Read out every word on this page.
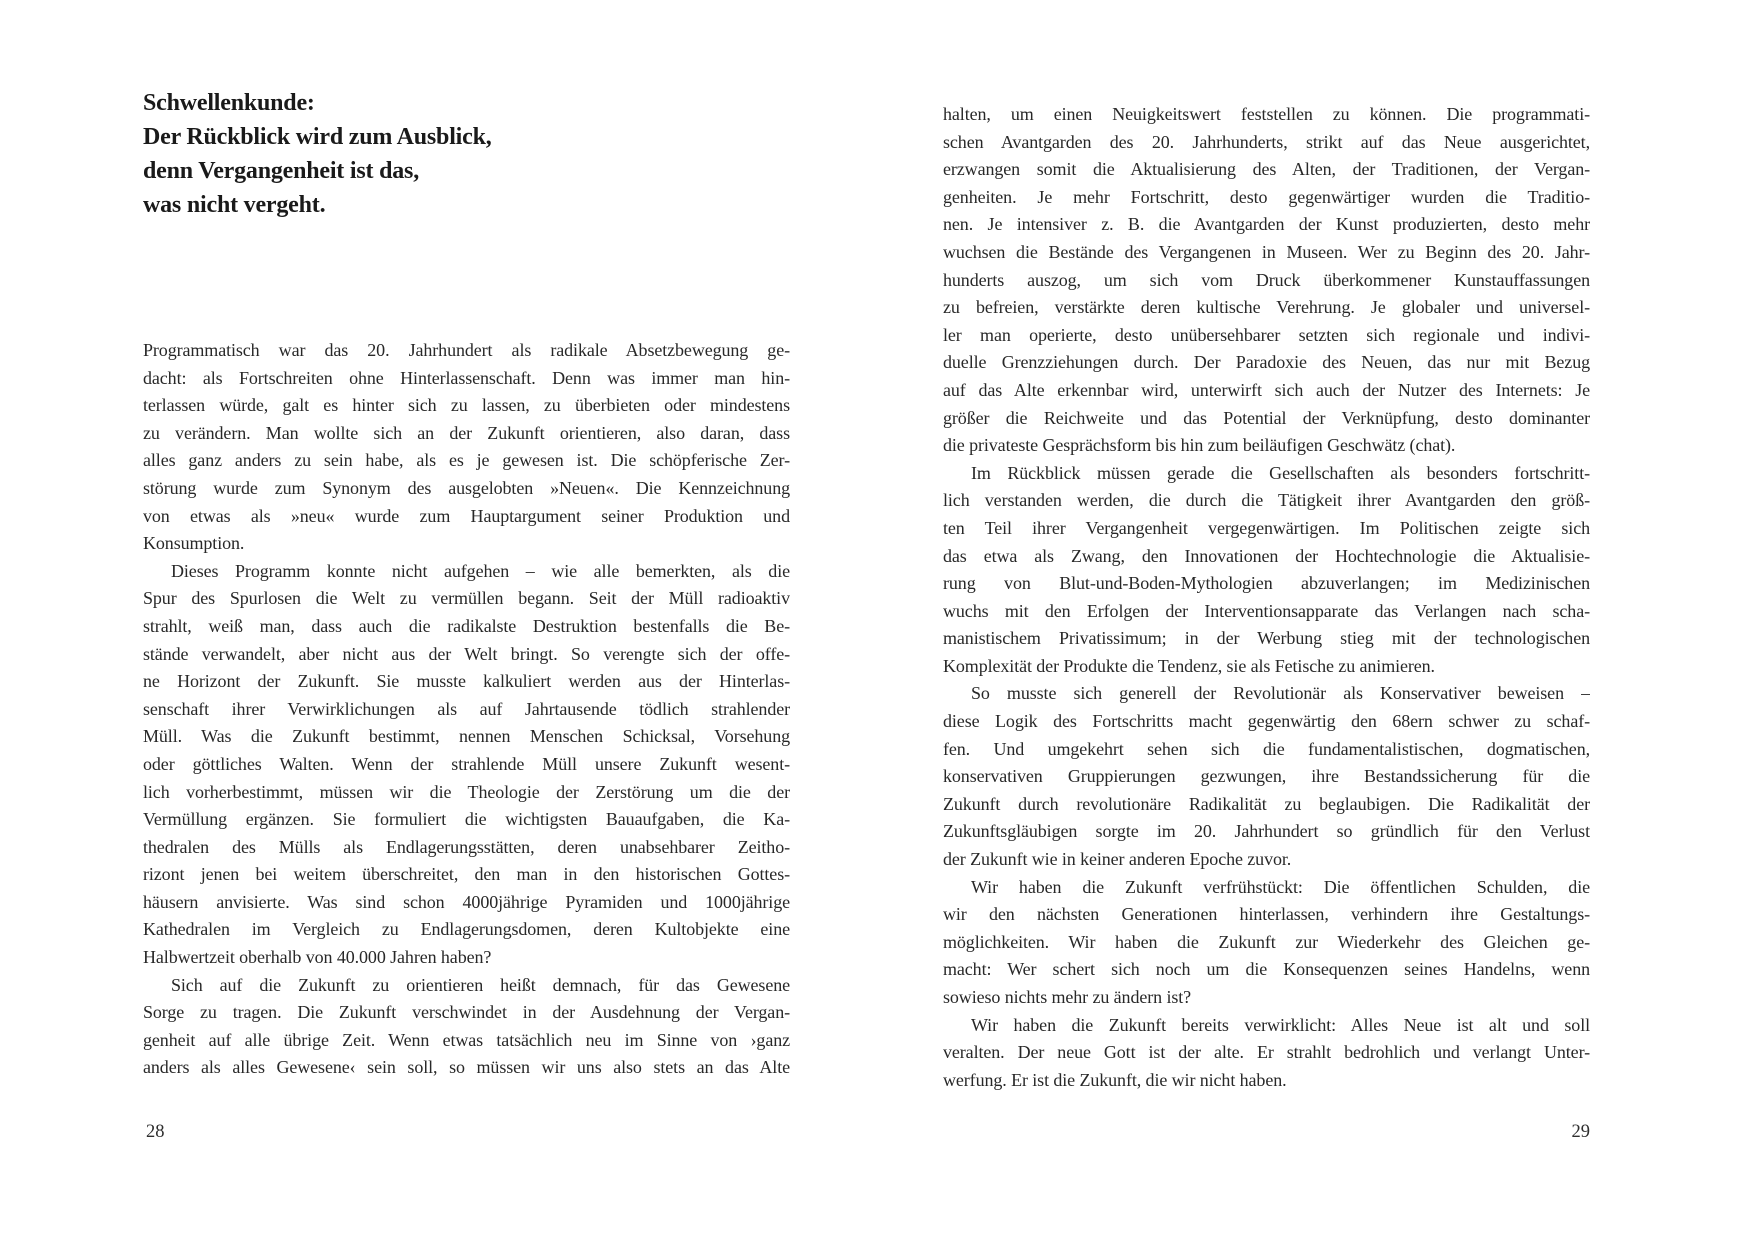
Schwellenkunde:
Der Rückblick wird zum Ausblick,
denn Vergangenheit ist das,
was nicht vergeht.
Programmatisch war das 20. Jahrhundert als radikale Absetzbewegung ge-
dacht: als Fortschreiten ohne Hinterlassenschaft. Denn was immer man hin-
terlassen würde, galt es hinter sich zu lassen, zu überbieten oder mindestens
zu verändern. Man wollte sich an der Zukunft orientieren, also daran, dass
alles ganz anders zu sein habe, als es je gewesen ist. Die schöpferische Zer-
störung wurde zum Synonym des ausgelobten »Neuen«. Die Kennzeichnung
von etwas als »neu« wurde zum Hauptargument seiner Produktion und
Konsumption.
Dieses Programm konnte nicht aufgehen – wie alle bemerkten, als die
Spur des Spurlosen die Welt zu vermüllen begann. Seit der Müll radioaktiv
strahlt, weiß man, dass auch die radikalste Destruktion bestenfalls die Be-
stände verwandelt, aber nicht aus der Welt bringt. So verengte sich der offe-
ne Horizont der Zukunft. Sie musste kalkuliert werden aus der Hinterlas-
senschaft ihrer Verwirklichungen als auf Jahrtausende tödlich strahlender
Müll. Was die Zukunft bestimmt, nennen Menschen Schicksal, Vorsehung
oder göttliches Walten. Wenn der strahlende Müll unsere Zukunft wesent-
lich vorherbestimmt, müssen wir die Theologie der Zerstörung um die der
Vermüllung ergänzen. Sie formuliert die wichtigsten Bauaufgaben, die Ka-
thedralen des Mülls als Endlagerungsstätten, deren unabsehbarer Zeitho-
rizont jenen bei weitem überschreitet, den man in den historischen Gottes-
häusern anvisierte. Was sind schon 4000jährige Pyramiden und 1000jährige
Kathedralen im Vergleich zu Endlagerungsdomen, deren Kultobjekte eine
Halbwertzeit oberhalb von 40.000 Jahren haben?
Sich auf die Zukunft zu orientieren heißt demnach, für das Gewesene
Sorge zu tragen. Die Zukunft verschwindet in der Ausdehnung der Vergan-
genheit auf alle übrige Zeit. Wenn etwas tatsächlich neu im Sinne von ›ganz
anders als alles Gewesene‹ sein soll, so müssen wir uns also stets an das Alte
28
halten, um einen Neuigkeitswert feststellen zu können. Die programmati-
schen Avantgarden des 20. Jahrhunderts, strikt auf das Neue ausgerichtet,
erzwangen somit die Aktualisierung des Alten, der Traditionen, der Vergan-
genheiten. Je mehr Fortschritt, desto gegenwärtiger wurden die Traditio-
nen. Je intensiver z. B. die Avantgarden der Kunst produzierten, desto mehr
wuchsen die Bestände des Vergangenen in Museen. Wer zu Beginn des 20. Jahr-
hunderts auszog, um sich vom Druck überkommener Kunstauffassungen
zu befreien, verstärkte deren kultische Verehrung. Je globaler und universel-
ler man operierte, desto unübersehbarer setzten sich regionale und indivi-
duelle Grenzziehungen durch. Der Paradoxie des Neuen, das nur mit Bezug
auf das Alte erkennbar wird, unterwirft sich auch der Nutzer des Internets: Je
größer die Reichweite und das Potential der Verknüpfung, desto dominanter
die privateste Gesprächsform bis hin zum beiläufigen Geschwätz (chat).
Im Rückblick müssen gerade die Gesellschaften als besonders fortschritt-
lich verstanden werden, die durch die Tätigkeit ihrer Avantgarden den größ-
ten Teil ihrer Vergangenheit vergegenwärtigen. Im Politischen zeigte sich
das etwa als Zwang, den Innovationen der Hochtechnologie die Aktualisie-
rung von Blut-und-Boden-Mythologien abzuverlangen; im Medizinischen
wuchs mit den Erfolgen der Interventionsapparate das Verlangen nach scha-
manistischem Privatissimum; in der Werbung stieg mit der technologischen
Komplexität der Produkte die Tendenz, sie als Fetische zu animieren.
So musste sich generell der Revolutionär als Konservativer beweisen –
diese Logik des Fortschritts macht gegenwärtig den 68ern schwer zu schaf-
fen. Und umgekehrt sehen sich die fundamentalistischen, dogmatischen,
konservativen Gruppierungen gezwungen, ihre Bestandssicherung für die
Zukunft durch revolutionäre Radikalität zu beglaubigen. Die Radikalität der
Zukunftsgläubigen sorgte im 20. Jahrhundert so gründlich für den Verlust
der Zukunft wie in keiner anderen Epoche zuvor.
Wir haben die Zukunft verfrühstückt: Die öffentlichen Schulden, die
wir den nächsten Generationen hinterlassen, verhindern ihre Gestaltungs-
möglichkeiten. Wir haben die Zukunft zur Wiederkehr des Gleichen ge-
macht: Wer schert sich noch um die Konsequenzen seines Handelns, wenn
sowieso nichts mehr zu ändern ist?
Wir haben die Zukunft bereits verwirklicht: Alles Neue ist alt und soll
veralten. Der neue Gott ist der alte. Er strahlt bedrohlich und verlangt Unter-
werfung. Er ist die Zukunft, die wir nicht haben.
29
